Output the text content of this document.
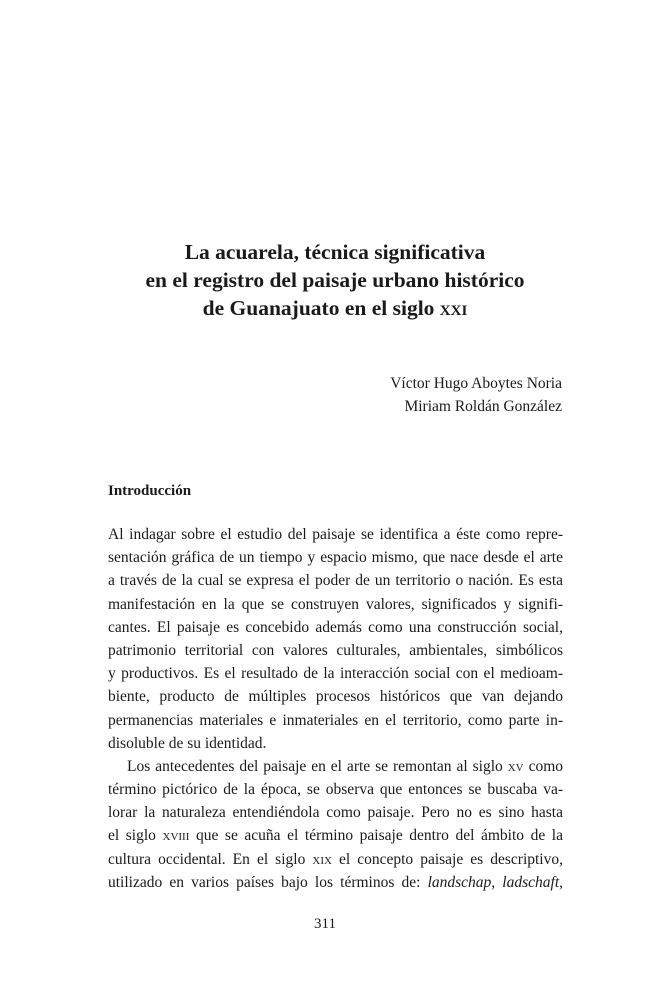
La acuarela, técnica significativa
en el registro del paisaje urbano histórico
de Guanajuato en el siglo xxi
Víctor Hugo Aboytes Noria
Miriam Roldán González
Introducción
Al indagar sobre el estudio del paisaje se identifica a éste como repre-
sentación gráfica de un tiempo y espacio mismo, que nace desde el arte
a través de la cual se expresa el poder de un territorio o nación. Es esta
manifestación en la que se construyen valores, significados y signifi-
cantes. El paisaje es concebido además como una construcción social,
patrimonio territorial con valores culturales, ambientales, simbólicos
y productivos. Es el resultado de la interacción social con el medioam-
biente, producto de múltiples procesos históricos que van dejando
permanencias materiales e inmateriales en el territorio, como parte in-
disoluble de su identidad.
Los antecedentes del paisaje en el arte se remontan al siglo xv como
término pictórico de la época, se observa que entonces se buscaba va-
lorar la naturaleza entendiéndola como paisaje. Pero no es sino hasta
el siglo xviii que se acuña el término paisaje dentro del ámbito de la
cultura occidental. En el siglo xix el concepto paisaje es descriptivo,
utilizado en varios países bajo los términos de: landschap, ladschaft,
311
